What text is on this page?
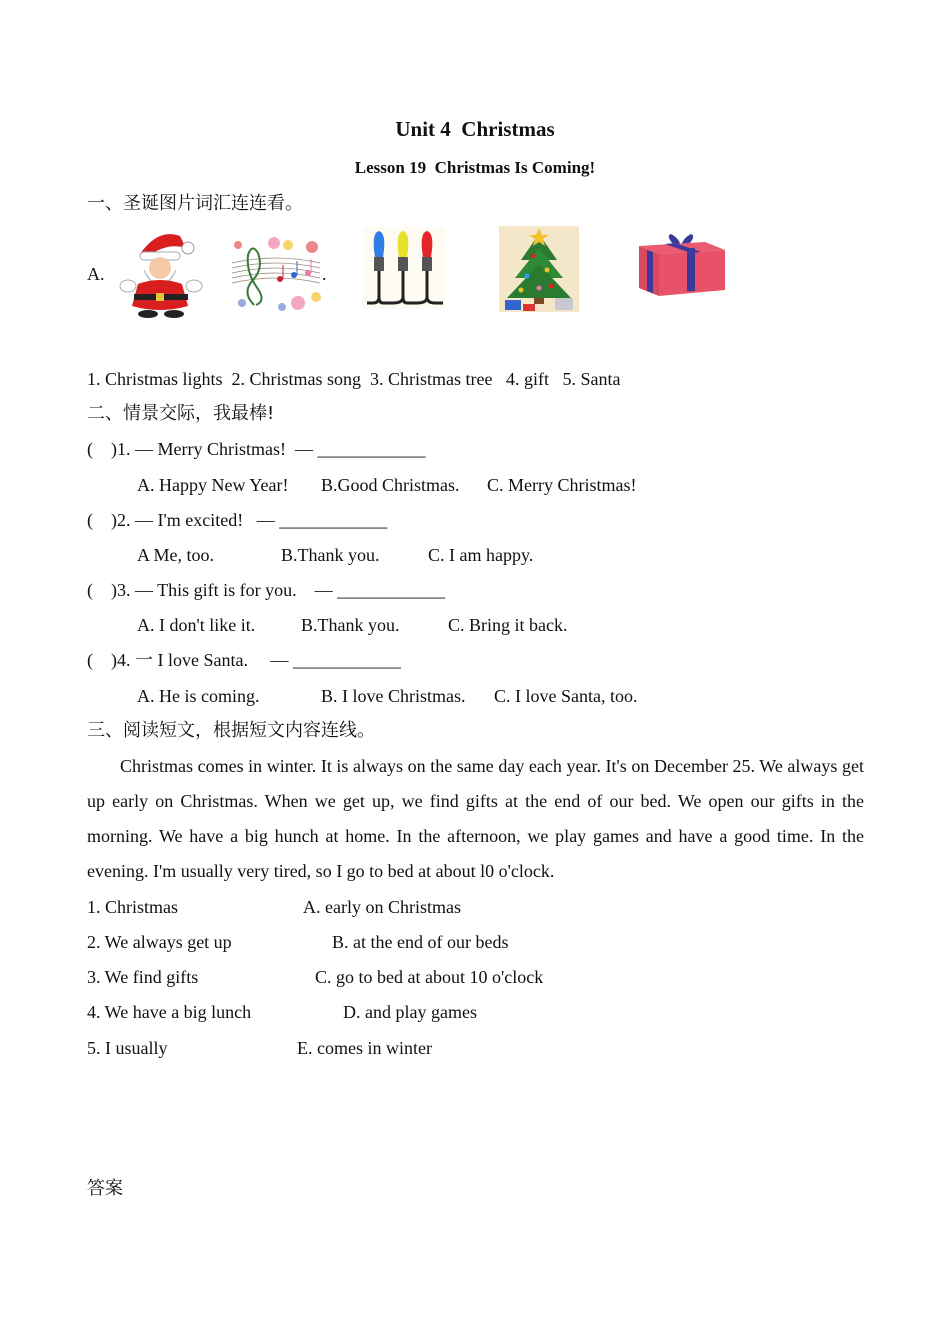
Unit 4  Christmas
Lesson 19  Christmas Is Coming!
一、圣诞图片词汇连连看。
A.	.
1. Christmas lights  2. Christmas song  3. Christmas tree   4. gift   5. Santa
二、情景交际，我最棒!
(    )1. — Merry Christmas!  — ____________
A. Happy New Year! B.Good Christmas. C. Merry Christmas!
(    )2. — I'm excited!   — ____________
A Me, too.	B.Thank you.	C. I am happy.
(    )3. — This gift is for you.    — ____________
A. I don't like it.	B.Thank you.	C. Bring it back.
(    )4. 一 I love Santa.     — ____________
A. He is coming.	B. I love Christmas. C. I love Santa, too.
三、阅读短文，根据短文内容连线。
Christmas comes in winter. It is always on the same day each year. It's on December 25. We always get up early on Christmas. When we get up, we find gifts at the end of our bed. We open our gifts in the morning. We have a big hunch at home. In the afternoon, we play games and have a good time. In the evening. I'm usually very tired, so I go to bed at about l0 o'clock.
1. Christmas	A. early on Christmas
2. We always get up	B. at the end of our beds
3. We find gifts	C. go to bed at about 10 o'clock
4. We have a big lunch	D. and play games
5. I usually	E. comes in winter
答案
